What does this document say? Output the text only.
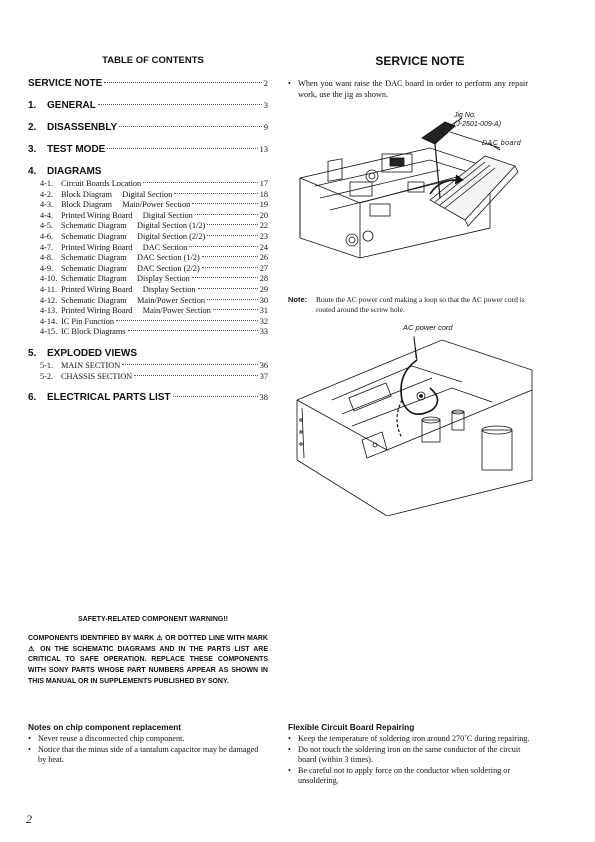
TABLE OF CONTENTS
SERVICE NOTE	2
1.	GENERAL	3
2.	DISASSENBLY	9
3.	TEST MODE	13
4.	DIAGRAMS
4-1. Circuit Boards Location	17
4-2. Block Diagram     Digital Section	18
4-3. Block Diagram     Main/Power Section	19
4-4. Printed Wiring Board     Digital Section	20
4-5. Schematic Diagram     Digital Section (1/2)	22
4-6. Schematic Diagram     Digital Section (2/2)	23
4-7. Printed Wiring Board     DAC Section	24
4-8. Schematic Diagram     DAC Section (1/2)	26
4-9. Schematic Diagram     DAC Section (2/2)	27
4-10. Schematic Diagram     Display Section	28
4-11. Printed Wiring Board     Display Section	29
4-12. Schematic Diagram     Main/Power Section	30
4-13. Printed Wiring Board     Main/Power Section	31
4-14. IC Pin Function	32
4-15. IC Block Diagrams	33
5.	EXPLODED VIEWS
5-1. MAIN SECTION	36
5-2. CHASSIS SECTION	37
6.	ELECTRICAL PARTS LIST	38
SERVICE NOTE
• When you want raise the DAC board in order to perform any repair work, use the jig as shown.
Jig No.
(J-2501-009-A)
DAC board
Note: Route the AC power cord making a loop so that the AC power cord is routed around the screw hole.
AC power cord
SAFETY-RELATED COMPONENT WARNING!!
COMPONENTS IDENTIFIED BY MARK ⚠ OR DOTTED LINE WITH MARK ⚠ ON THE SCHEMATIC DIAGRAMS AND IN THE PARTS LIST ARE CRITICAL TO SAFE OPERATION. REPLACE THESE COMPONENTS WITH SONY PARTS WHOSE PART NUMBERS APPEAR AS SHOWN IN THIS MANUAL OR IN SUPPLEMENTS PUBLISHED BY SONY.
Notes on chip component replacement
• Never reuse a disconnected chip component.
• Notice that the minus side of a tantalum capacitor may be damaged by heat.
Flexible Circuit Board Repairing
• Keep the temperature of soldering iron around 270˚C during repairing.
• Do not touch the soldering iron on the same conductor of the circuit board (within 3 times).
• Be careful not to apply force on the conductor when soldering or unsoldering.
2
